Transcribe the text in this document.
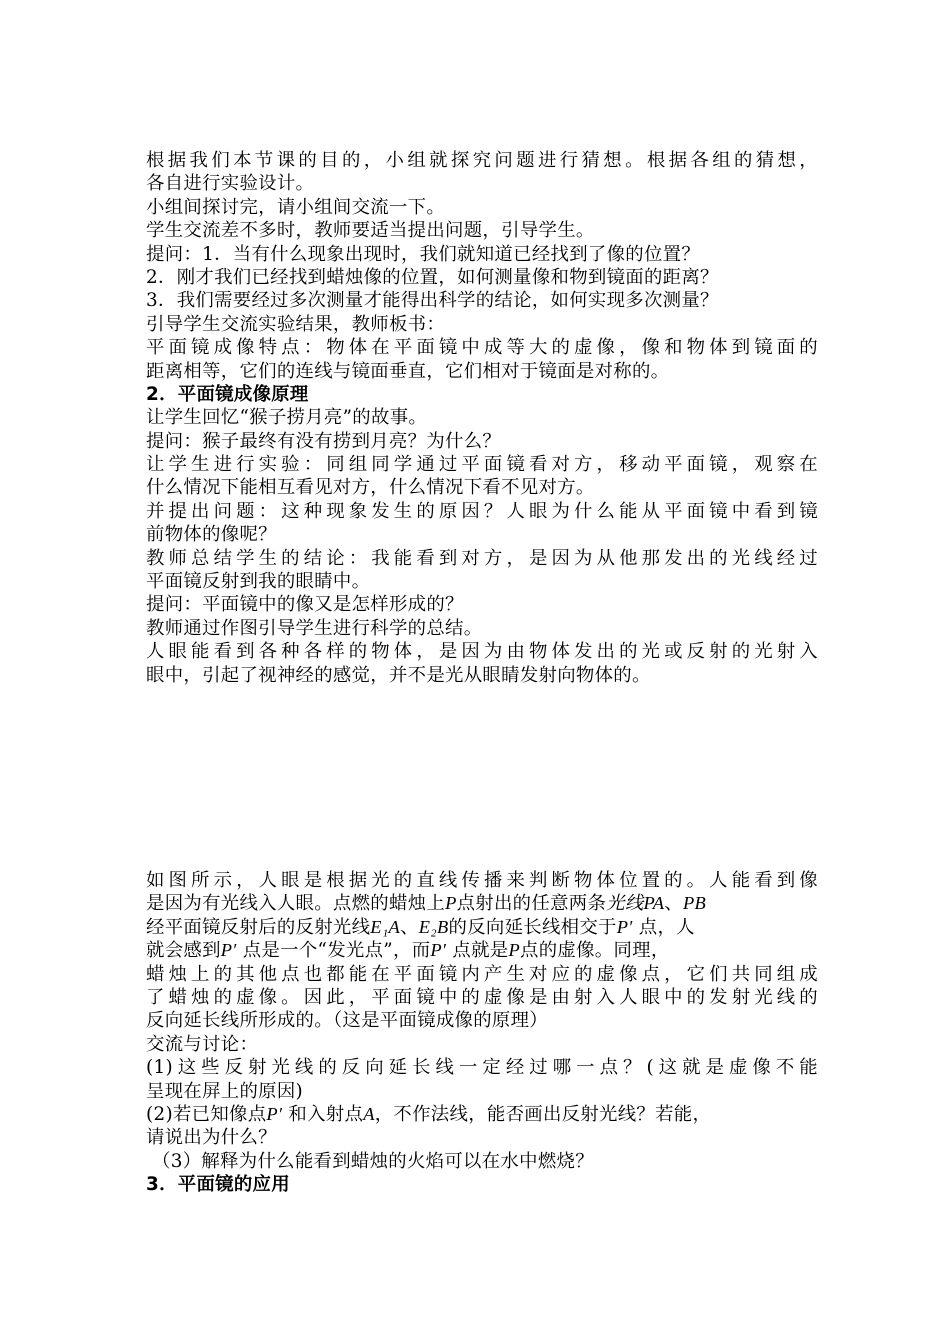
根据我们本节课的目的，小组就探究问题进行猜想。根据各组的猜想，
各自进行实验设计。
小组间探讨完，请小组间交流一下。
学生交流差不多时，教师要适当提出问题，引导学生。
提问：1．当有什么现象出现时，我们就知道已经找到了像的位置？
2．刚才我们已经找到蜡烛像的位置，如何测量像和物到镜面的距离？
3．我们需要经过多次测量才能得出科学的结论，如何实现多次测量？
引导学生交流实验结果，教师板书：
平面镜成像特点：物体在平面镜中成等大的虚像，像和物体到镜面的
距离相等，它们的连线与镜面垂直，它们相对于镜面是对称的。
2．平面镜成像原理
让学生回忆“猴子捞月亮”的故事。
提问：猴子最终有没有捞到月亮？为什么？
让学生进行实验：同组同学通过平面镜看对方，移动平面镜，观察在
什么情况下能相互看见对方，什么情况下看不见对方。
并提出问题：这种现象发生的原因？人眼为什么能从平面镜中看到镜
前物体的像呢？
教师总结学生的结论：我能看到对方，是因为从他那发出的光线经过
平面镜反射到我的眼睛中。
提问：平面镜中的像又是怎样形成的？
教师通过作图引导学生进行科学的总结。
人眼能看到各种各样的物体，是因为由物体发出的光或反射的光射入
眼中，引起了视神经的感觉，并不是光从眼睛发射向物体的。
如图所示，人眼是根据光的直线传播来判断物体位置的。人能看到像
是因为有光线入人眼。点燃的蜡烛上P点射出的任意两条光线PA、PB
经平面镜反射后的反射光线E₁A、E₂B的反向延长线相交于P′ 点，人
就会感到P′ 点是一个“发光点”，而P′ 点就是P点的虚像。同理，
蜡烛上的其他点也都能在平面镜内产生对应的虚像点，它们共同组成
了蜡烛的虚像。因此，平面镜中的虚像是由射入人眼中的发射光线的
反向延长线所形成的。（这是平面镜成像的原理）
交流与讨论：
(1)这些反射光线的反向延长线一定经过哪一点？(这就是虚像不能
呈现在屏上的原因)
(2)若已知像点P′ 和入射点A，不作法线，能否画出反射光线？若能，
请说出为什么？
（3）解释为什么能看到蜡烛的火焰可以在水中燃烧？
3．平面镜的应用
